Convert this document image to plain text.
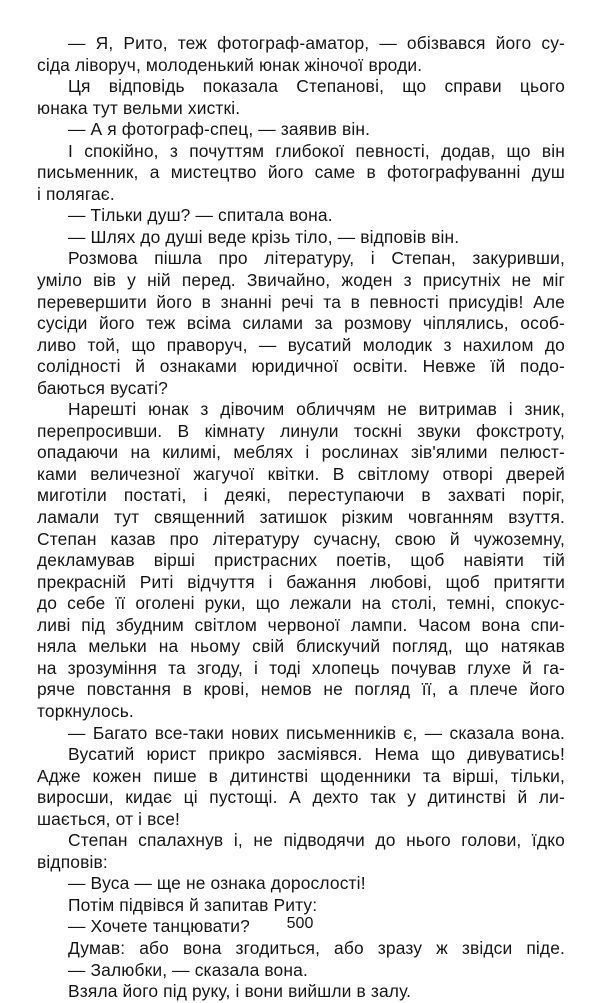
— Я, Рито, теж фотограф-аматор, — обізвався його су-
сіда ліворуч, молоденький юнак жіночої вроди.
Ця відповідь показала Степанові, що справи цього
юнака тут вельми хисткі.
— А я фотограф-спец, — заявив він.
І спокійно, з почуттям глибокої певності, додав, що він
письменник, а мистецтво його саме в фотографуванні душ
і полягає.
— Тільки душ? — спитала вона.
— Шлях до душі веде крізь тіло, — відповів він.
Розмова пішла про літературу, і Степан, закуривши,
уміло вів у ній перед. Звичайно, жоден з присутніх не міг
перевершити його в знанні речі та в певності присудів! Але
сусіди його теж всіма силами за розмову чіплялись, особ-
ливо той, що праворуч, — вусатий молодик з нахилом до
солідності й ознаками юридичної освіти. Невже їй подо-
баються вусаті?
Нарешті юнак з дівочим обличчям не витримав і зник,
перепросивши. В кімнату линули тоскні звуки фокстроту,
опадаючи на килимі, меблях і рослинах зів'ялими пелюст-
ками величезної жагучої квітки. В світлому отворі дверей
миготіли постаті, і деякі, переступаючи в захваті поріг,
ламали тут священний затишок різким човганням взуття.
Степан казав про літературу сучасну, свою й чужоземну,
декламував вірші пристрасних поетів, щоб навіяти тій
прекрасній Риті відчуття і бажання любові, щоб притягти
до себе її оголені руки, що лежали на столі, темні, спокус-
ливі під збудним світлом червоної лампи. Часом вона спи-
няла мельки на ньому свій блискучий погляд, що натякав
на зрозуміння та згоду, і тоді хлопець почував глухе й га-
ряче повстання в крові, немов не погляд її, а плече його
торкнулось.
— Багато все-таки нових письменників є, — сказала вона.
Вусатий юрист прикро засміявся. Нема що дивуватись!
Адже кожен пише в дитинстві щоденники та вірші, тільки,
виросши, кидає ці пустощі. А дехто так у дитинстві й ли-
шається, от і все!
Степан спалахнув і, не підводячи до нього голови, їдко
відповів:
— Вуса — ще не ознака дорослості!
Потім підвівся й запитав Риту:
— Хочете танцювати?
Думав: або вона згодиться, або зразу ж звідси піде.
— Залюбки, — сказала вона.
Взяла його під руку, і вони вийшли в залу.
500
